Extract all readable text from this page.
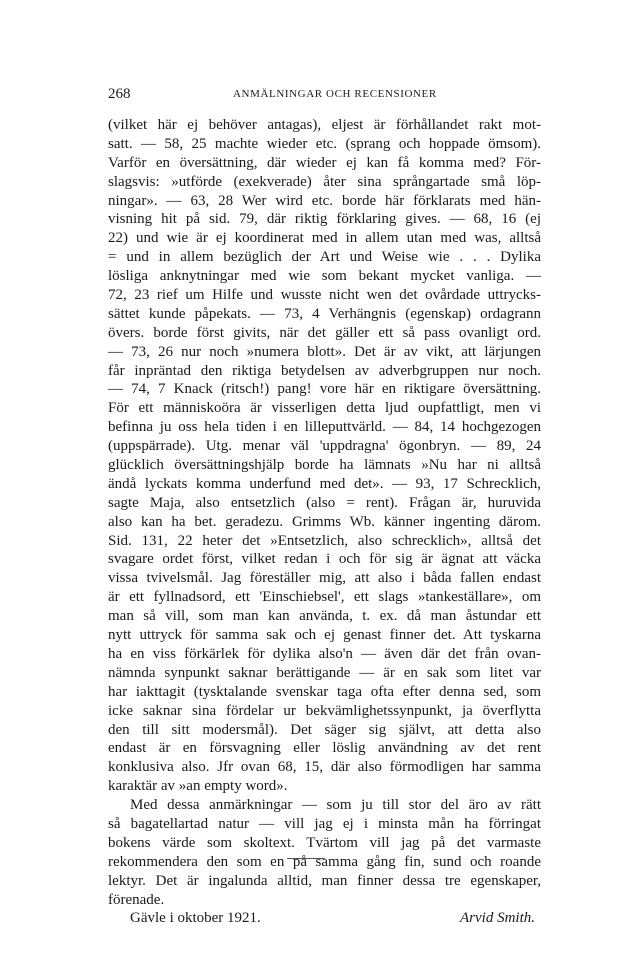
268	ANMÄLNINGAR OCH RECENSIONER
(vilket här ej behöver antagas), eljest är förhållandet rakt mot-
satt. — 58, 25 machte wieder etc. (sprang och hoppade ömsom).
Varför en översättning, där wieder ej kan få komma med? För-
slagsvis: »utförde (exekverade) åter sina språngartade små löp-
ningar». — 63, 28 Wer wird etc. borde här förklarats med hän-
visning hit på sid. 79, där riktig förklaring gives. — 68, 16 (ej
22) und wie är ej koordinerat med in allem utan med was, alltså
= und in allem bezüglich der Art und Weise wie . . . Dylika
lösliga anknytningar med wie som bekant mycket vanliga. —
72, 23 rief um Hilfe und wusste nicht wen det ovårdade uttrycks-
sättet kunde påpekats. — 73, 4 Verhängnis (egenskap) ordagrann
övers. borde först givits, när det gäller ett så pass ovanligt ord.
— 73, 26 nur noch »numera blott». Det är av vikt, att lärjungen
får inpräntad den riktiga betydelsen av adverbgruppen nur noch.
— 74, 7 Knack (ritsch!) pang! vore här en riktigare översättning.
För ett människoöra är visserligen detta ljud oupfattligt, men vi
befinna ju oss hela tiden i en lilleputtvärld. — 84, 14 hochgezogen
(uppspärrade). Utg. menar väl 'uppdragna' ögonbryn. — 89, 24
glücklich översättningshjälp borde ha lämnats »Nu har ni alltså
ändå lyckats komma underfund med det». — 93, 17 Schrecklich,
sagte Maja, also entsetzlich (also = rent). Frågan är, huruvida
also kan ha bet. geradezu. Grimms Wb. känner ingenting därom.
Sid. 131, 22 heter det »Entsetzlich, also schrecklich», alltså det
svagare ordet först, vilket redan i och för sig är ägnat att väcka
vissa tvivelsmål. Jag föreställer mig, att also i båda fallen endast
är ett fyllnadsord, ett 'Einschiebsel', ett slags »tankeställare», om
man så vill, som man kan använda, t. ex. då man åstundar ett
nytt uttryck för samma sak och ej genast finner det. Att tyskarna
ha en viss förkärlek för dylika also'n — även där det från ovan-
nämnda synpunkt saknar berättigande — är en sak som litet var
har iakttagit (tysktalande svenskar taga ofta efter denna sed, som
icke saknar sina fördelar ur bekvämlighetssynpunkt, ja överflytta
den till sitt modersmål). Det säger sig självt, att detta also
endast är en försvagning eller löslig användning av det rent
konklusiva also. Jfr ovan 68, 15, där also förmodligen har samma
karaktär av »an empty word».
Med dessa anmärkningar — som ju till stor del äro av rätt
så bagatellartad natur — vill jag ej i minsta mån ha förringat
bokens värde som skoltext. Tvärtom vill jag på det varmaste
rekommendera den som en på samma gång fin, sund och roande
lektyr. Det är ingalunda alltid, man finner dessa tre egenskaper,
förenade.
Gävle i oktober 1921.	Arvid Smith.
